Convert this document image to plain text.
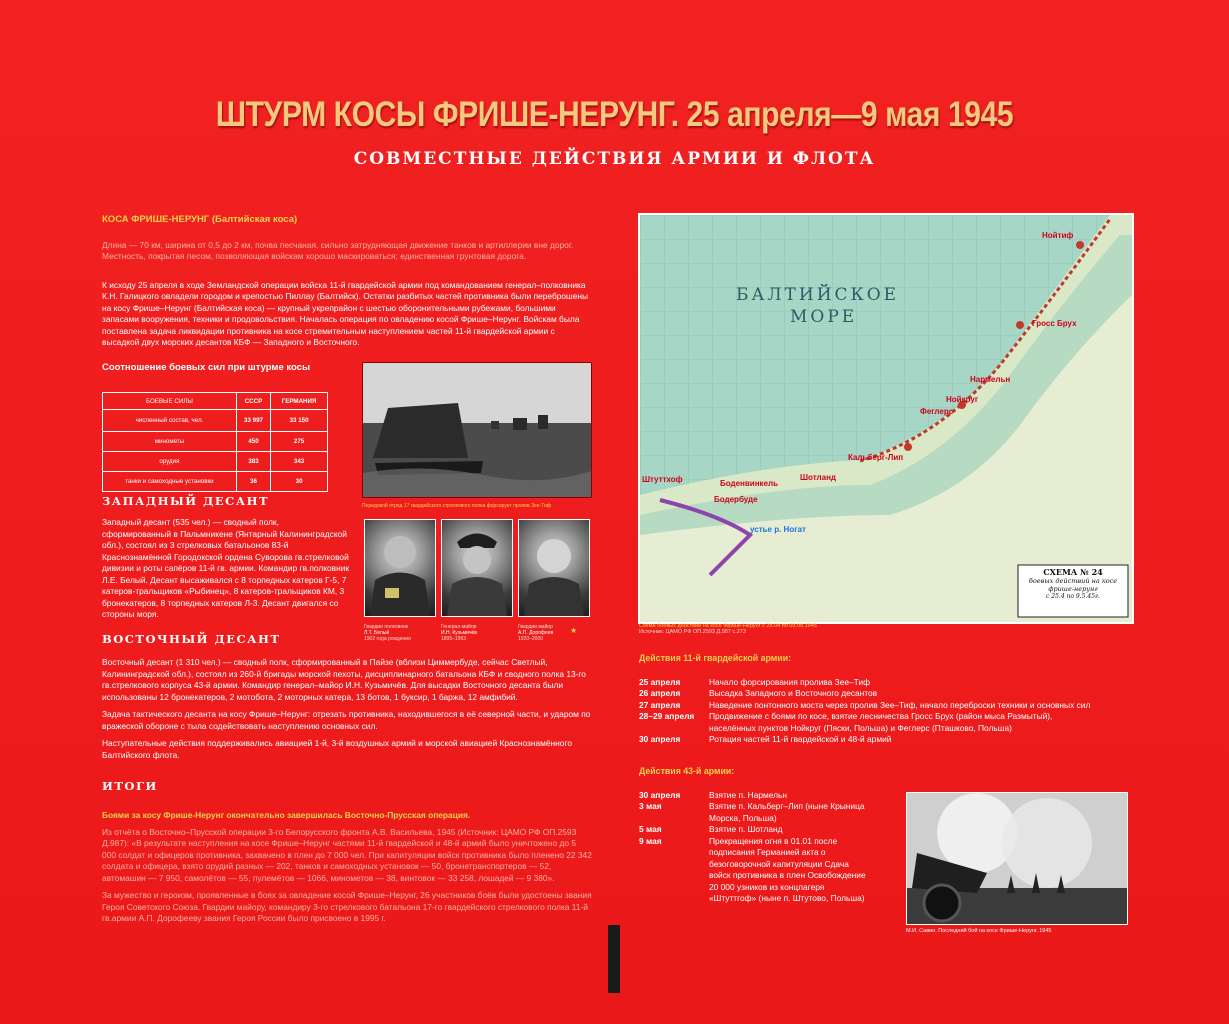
ШТУРМ КОСЫ ФРИШЕ-НЕРУНГ. 25 апреля—9 мая 1945
СОВМЕСТНЫЕ ДЕЙСТВИЯ АРМИИ И ФЛОТА
КОСА ФРИШЕ-НЕРУНГ (Балтийская коса)

Длина — 70 км, ширина от 0,5 до 2 км, почва песчаная, сильно затрудняющая движение танков и артиллерии вне дорог. Местность, покрытая песом, позволяющая войскам хорошо маскироваться; единственная грунтовая дорога.

К исходу 25 апреля в ходе Земландской операции войска 11-й гвардейской армии под командованием генерал–полковника К.Н. Галицкого овладели городом и крепостью Пиллау (Балтийск). Остатки разбитых частей противника были переброшены на косу Фрише–Нерунг (Балтийская коса) — крупный укрепрайон с шестью оборонительными рубежами, большими запасами вооружения, техники и продовольствия. Началась операция по овладению косой Фрише–Нерунг. Войскам была поставлена задача ликвидации противника на косе стремительным наступлением частей 11-й гвардейской армии с высадкой двух морских десантов КБФ — Западного и Восточного.

Соотношение боевых сил при штурме косы
БОЕВЫЕ СИЛЫ	СССР	ГЕРМАНИЯ
численный состав, чел.	33 997	33 150
минометы	450	275
орудия	383	343
танки и самоходные установки	36	30
Передовой отряд 17 гвардейского стрелкового полка форсирует пролив Зее-Тиф
Гвардии полковник
Л.Т. Белый
1902 года рождения
Генерал-майор
И.Н. Кузьмичёв
1895–1963
Гвардии майор
А.П. Дорофеев
1920–2000
★
ЗАПАДНЫЙ ДЕСАНТ

Западный десант (535 чел.) — сводный полк, сформированный в Пальмникене (Янтарный Калининградской обл.), состоял из 3 стрелковых батальонов 83-й Краснознамённой Городокской ордена Суворова гв.стрелковой дивизии и роты сапёров 11-й гв. армии. Командир гв.полковник Л.Е. Белый. Десант высаживался с 8 торпедных катеров Г-5, 7 катеров-тральщиков «Рыбинец», 8 катеров-тральщиков КМ, 3 бронекатеров, 8 торпедных катеров Л-3. Десант двигался со стороны моря.

ВОСТОЧНЫЙ ДЕСАНТ

Восточный десант (1 310 чел.) — сводный полк, сформированный в Пайзе (вблизи Циммербуде, сейчас Светлый, Калининградской обл.), состоял из 260-й бригады морской пехоты, дисциплинарного батальона КБФ и сводного полка 13-го гв.стрелкового корпуса 43-й армии. Командир генерал–майор И.Н. Кузьмичёв. Для высадки Восточного десанта были использованы 12 бронекатеров, 2 мотобота, 2 моторных катера, 13 ботов, 1 буксир, 1 баржа, 12 амфибий.

Задача тактического десанта на косу Фрише–Нерунг: отрезать противника, находившегося в её северной части, и ударом по вражеской обороне с тыла содействовать наступлению основных сил.

Наступательные действия поддерживались авиацией 1-й, 3-й воздушных армий и морской авиацией Краснознамённого Балтийского флота.

ИТОГИ

Боями за косу Фрише-Нерунг окончательно завершилась Восточно-Прусская операция.

Из отчёта о Восточно–Прусской операции 3-го Белорусского фронта А.В. Васильева, 1945 (Источник: ЦАМО РФ ОП.2593 Д.987): «В результате наступления на косе Фрише–Нерунг частями 11-й гвардейской и 48-й армий было уничтожено до 5 000 солдат и офицеров противника, захвачено в плен до 7 000 чел. При капитуляции войск противника было пленено 22 342 солдата и офицера, взято орудий разных — 202, танков и самоходных установок — 50, бронетранспортеров — 52, автомашин — 7 950, самолётов — 55, пулемётов — 1066, минометов — 38, винтовок — 33 258, лошадей — 9 380».

За мужество и героизм, проявленные в боях за овладение косой Фрише–Нерунг, 26 участников боёв были удостоены звания Героя Советского Союза. Гвардии майору, командиру 3-го стрелкового батальона 17-го гвардейского стрелкового полка 11-й гв.армии А.П. Дорофееву звания Героя России было присвоено в 1995 г.

БАЛТИЙСКОЕ
МОРЕ
Нойтиф
Гросс Брух
Нармельн
Нойкруг
Феглерс
Кальберг-Лип
Шотланд
Штуттхоф	Боденвинкель
Бодербуде
устье р. Ногат
СХЕМА № 24
боевых действий на косе фрише-нерунг
с 25.4 по 9.5.45г.
Схема боевых действий на косе Фрише-Нерунг с 25.04 по 09.05.1945
Источник: ЦАМО РФ ОП.2593 Д.987 с.273
Действия 11-й гвардейской армии:
25 апреля	Начало форсирования пролива Зее–Тиф
26 апреля	Высадка Западного и Восточного десантов
27 апреля	Наведение понтонного моста через пролив Зее–Тиф, начало переброски техники и основных сил
28–29 апреля	Продвижение с боями по косе, взятие лесничества Гросс Брух (район мыса Размытый), населённых пунктов Нойкруг (Пяски, Польша) и Феглерс (Пташково, Польша)
30 апреля	Ротация частей 11-й гвардейской и 48-й армий
Действия 43-й армии:
30 апреля	Взятие п. Нармельн
3 мая	Взятие п. Кальберг–Лип (ныне Крыница Морска, Польша)
5 мая	Взятие п. Шотланд
9 мая	Прекращения огня в 01.01 после подписания Германией акта о безоговорочной капитуляции Сдача войск противника в плен Освобождение 20 000 узников из концлагеря «Штуттгоф» (ныне п. Штутово, Польша)
М.И. Савин. Последний бой на косе Фрише-Нерунг. 1945
